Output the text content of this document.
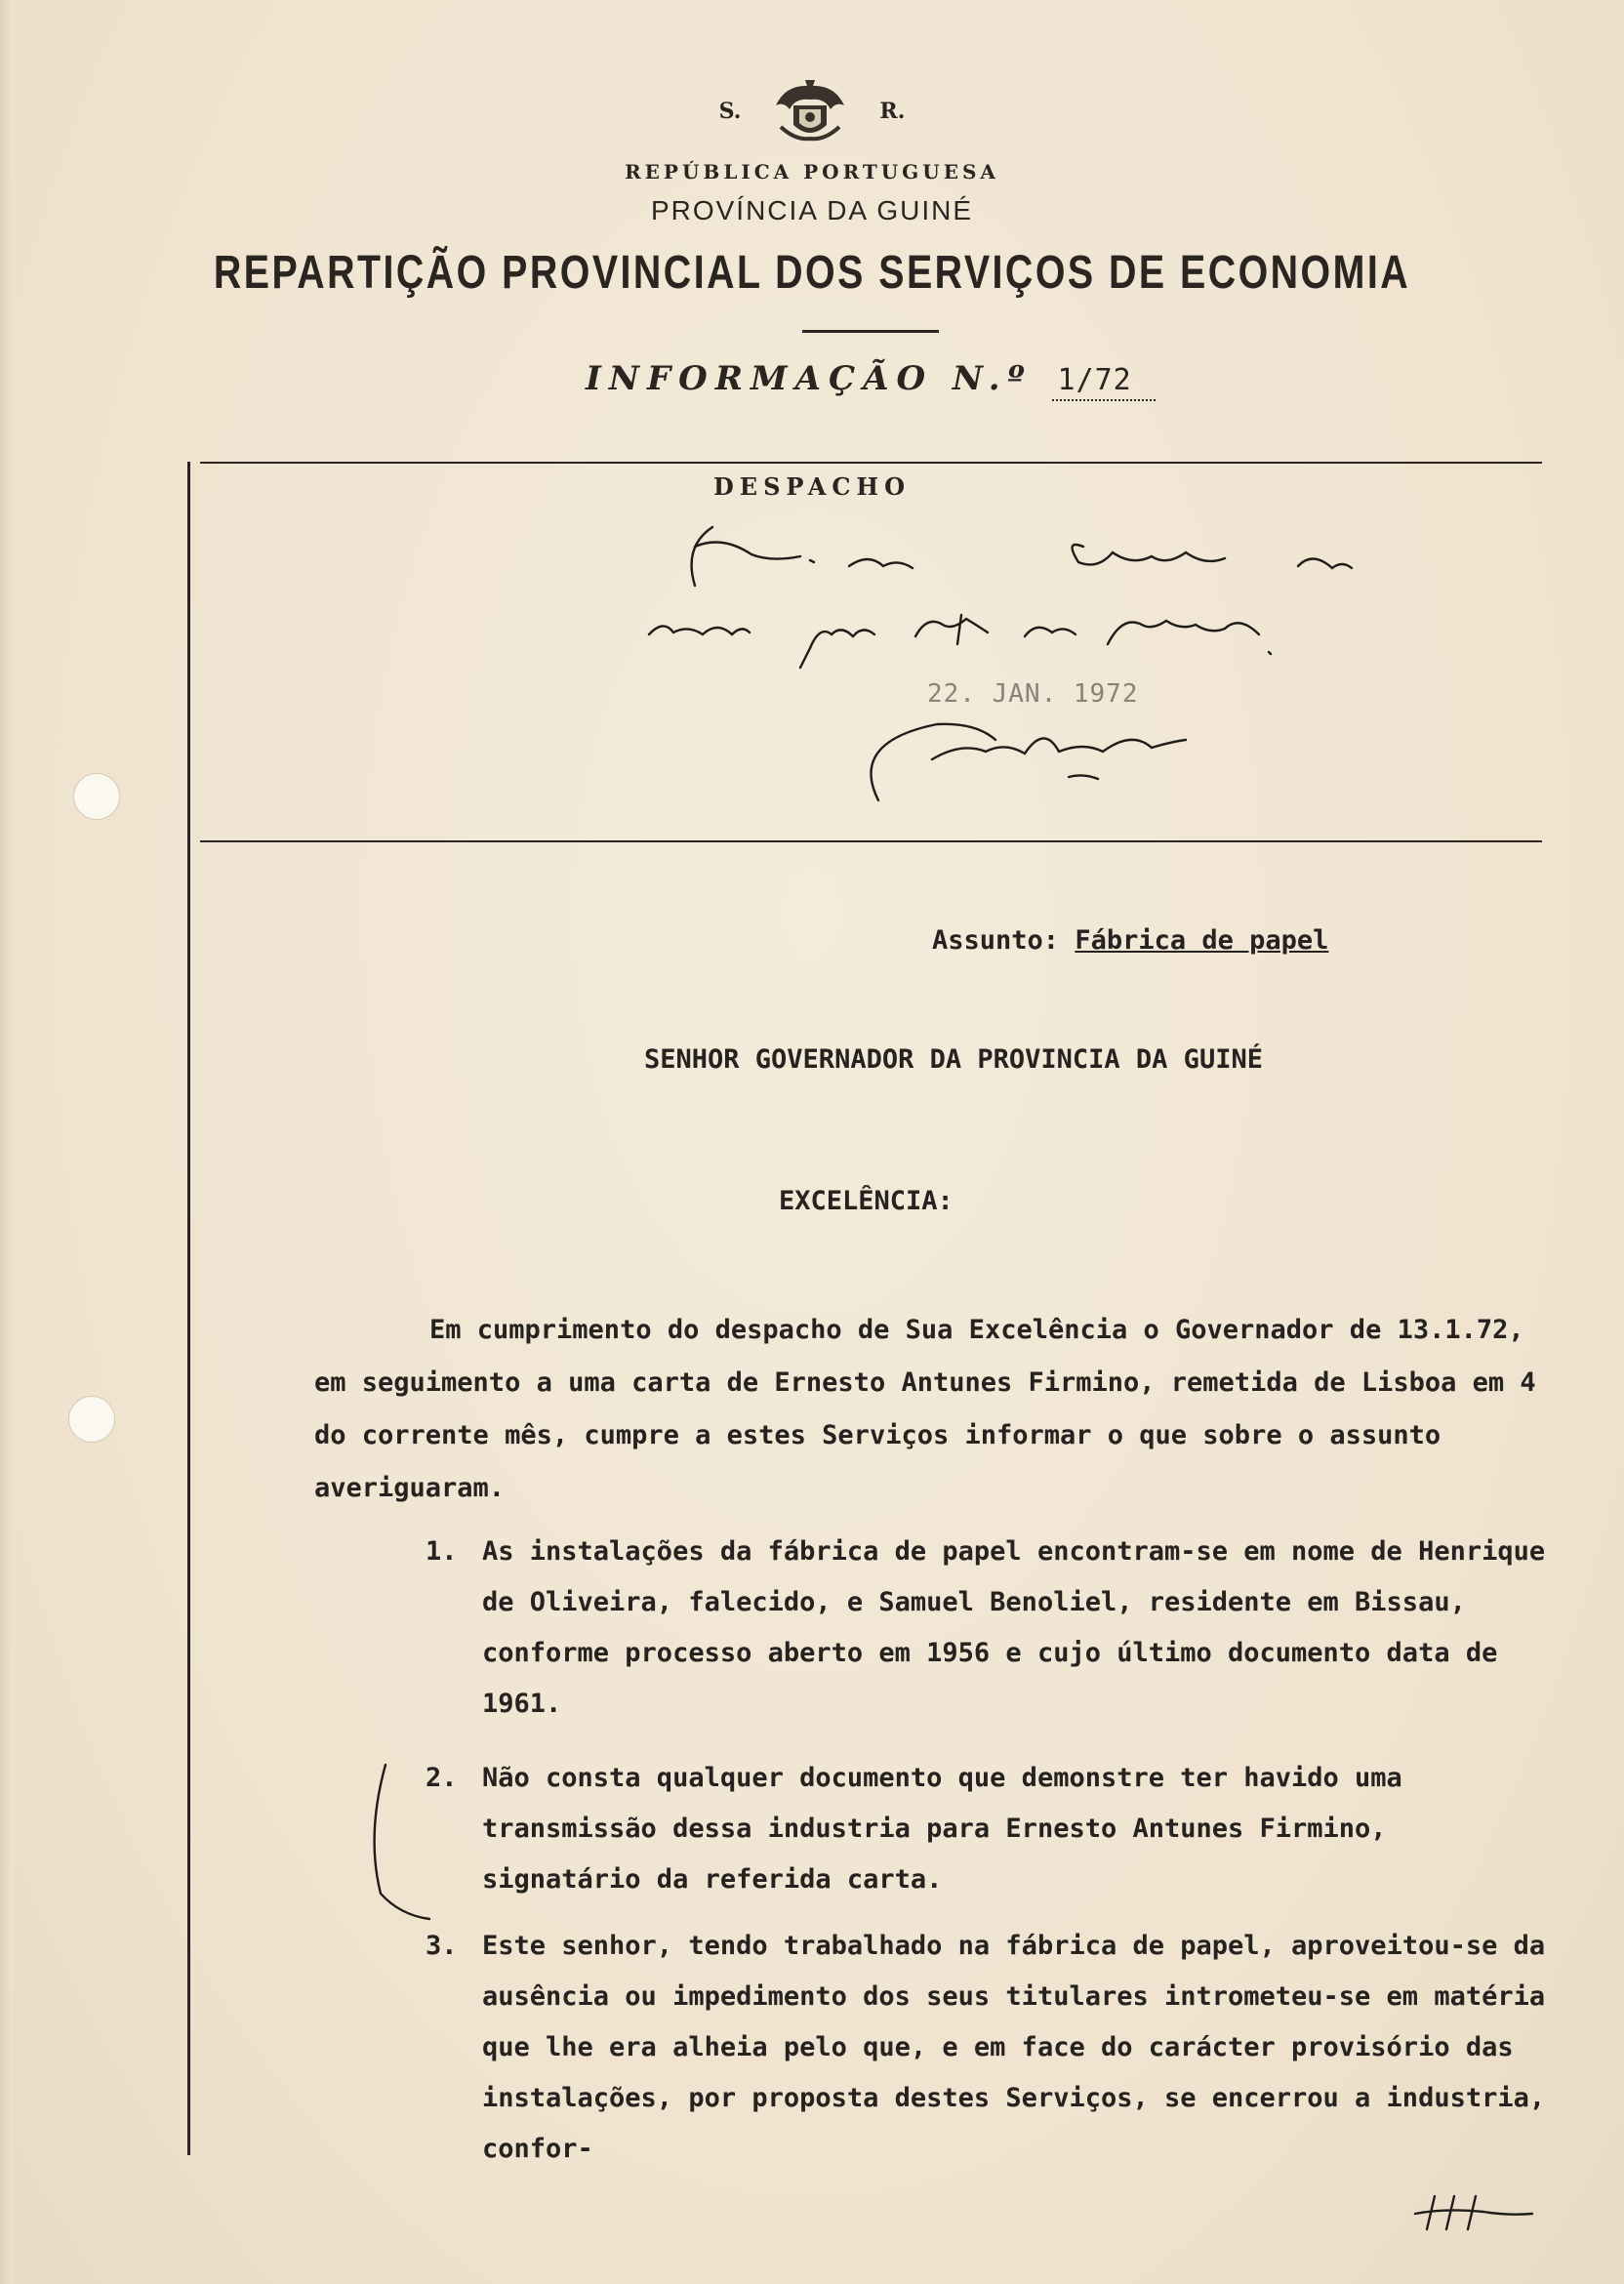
S.	R.
REPÚBLICA PORTUGUESA
PROVÍNCIA DA GUINÉ
REPARTIÇÃO PROVINCIAL DOS SERVIÇOS DE ECONOMIA
INFORMAÇÃO N.º 1/72
DESPACHO
22. JAN. 1972
Assunto: Fábrica de papel
SENHOR GOVERNADOR DA PROVINCIA DA GUINÉ
EXCELÊNCIA:
Em cumprimento do despacho de Sua Excelência o Governador de 13.1.72, em seguimento a uma carta de Ernesto Antunes Firmino, remetida de Lisboa em 4 do corrente mês, cumpre a estes Serviços informar o que sobre o assunto averiguaram.
1. As instalações da fábrica de papel encontram-se em nome de Henrique de Oliveira, falecido, e Samuel Benoliel, residente em Bissau, conforme processo aberto em 1956 e cujo último documento data de 1961.
2. Não consta qualquer documento que demonstre ter havido uma transmissão dessa industria para Ernesto Antunes Firmino, signatário da referida carta.
3. Este senhor, tendo trabalhado na fábrica de papel, aproveitou-se da ausência ou impedimento dos seus titulares intrometeu-se em matéria que lhe era alheia pelo que, e em face do carácter provisório das instalações, por proposta destes Serviços, se encerrou a industria, confor-
